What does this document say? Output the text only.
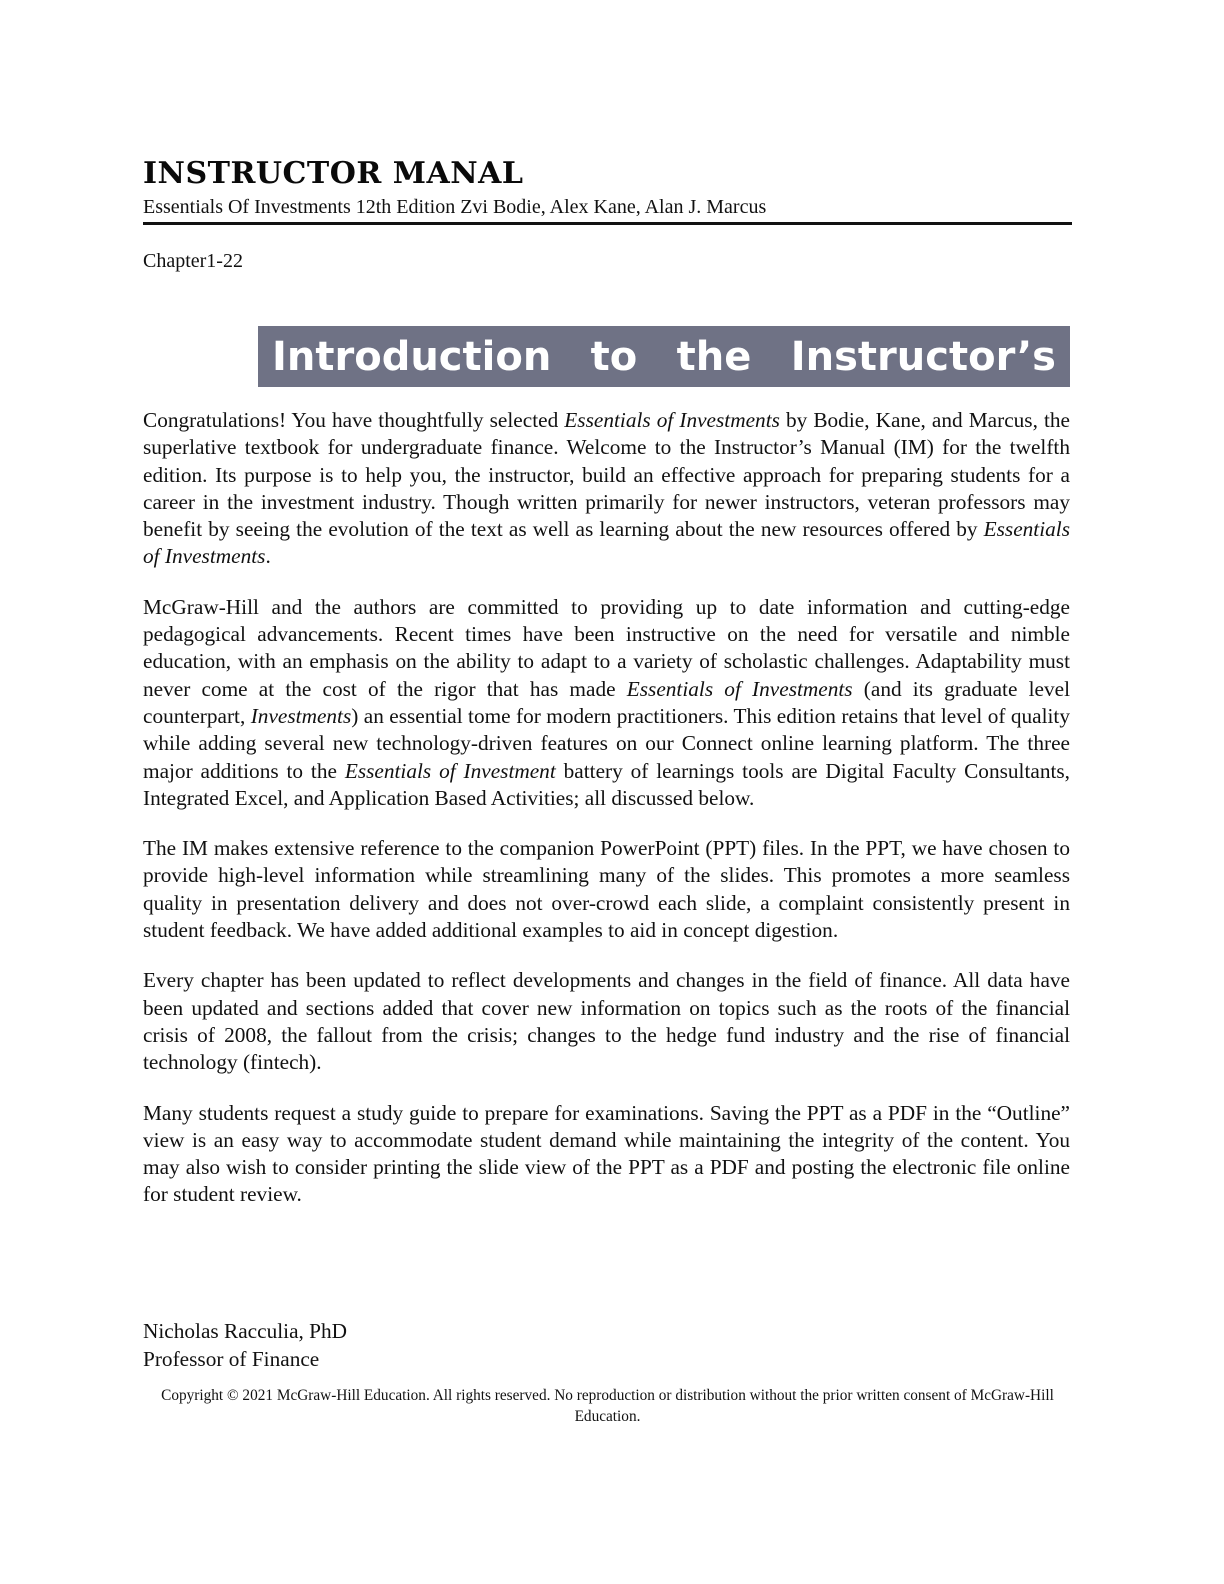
INSTRUCTOR MANAL
Essentials Of Investments 12th Edition Zvi Bodie, Alex Kane, Alan J. Marcus
Chapter1-22
Introduction to the Instructor’s

Congratulations! You have thoughtfully selected Essentials of Investments by Bodie, Kane, and Marcus, the superlative textbook for undergraduate finance. Welcome to the Instructor’s Manual (IM) for the twelfth edition. Its purpose is to help you, the instructor, build an effective approach for preparing students for a career in the investment industry. Though written primarily for newer instructors, veteran professors may benefit by seeing the evolution of the text as well as learning about the new resources offered by Essentials of Investments.

McGraw-Hill and the authors are committed to providing up to date information and cutting-edge pedagogical advancements. Recent times have been instructive on the need for versatile and nimble education, with an emphasis on the ability to adapt to a variety of scholastic challenges. Adaptability must never come at the cost of the rigor that has made Essentials of Investments (and its graduate level counterpart, Investments) an essential tome for modern practitioners. This edition retains that level of quality while adding several new technology-driven features on our Connect online learning platform. The three major additions to the Essentials of Investment battery of learnings tools are Digital Faculty Consultants, Integrated Excel, and Application Based Activities; all discussed below.

The IM makes extensive reference to the companion PowerPoint (PPT) files. In the PPT, we have chosen to provide high-level information while streamlining many of the slides. This promotes a more seamless quality in presentation delivery and does not over-crowd each slide, a complaint consistently present in student feedback. We have added additional examples to aid in concept digestion.

Every chapter has been updated to reflect developments and changes in the field of finance. All data have been updated and sections added that cover new information on topics such as the roots of the financial crisis of 2008, the fallout from the crisis; changes to the hedge fund industry and the rise of financial technology (fintech).

Many students request a study guide to prepare for examinations. Saving the PPT as a PDF in the “Outline” view is an easy way to accommodate student demand while maintaining the integrity of the content. You may also wish to consider printing the slide view of the PPT as a PDF and posting the electronic file online for student review.

Nicholas Racculia, PhD
Professor of Finance
Copyright © 2021 McGraw-Hill Education. All rights reserved. No reproduction or distribution without the prior written consent of McGraw-Hill Education.
